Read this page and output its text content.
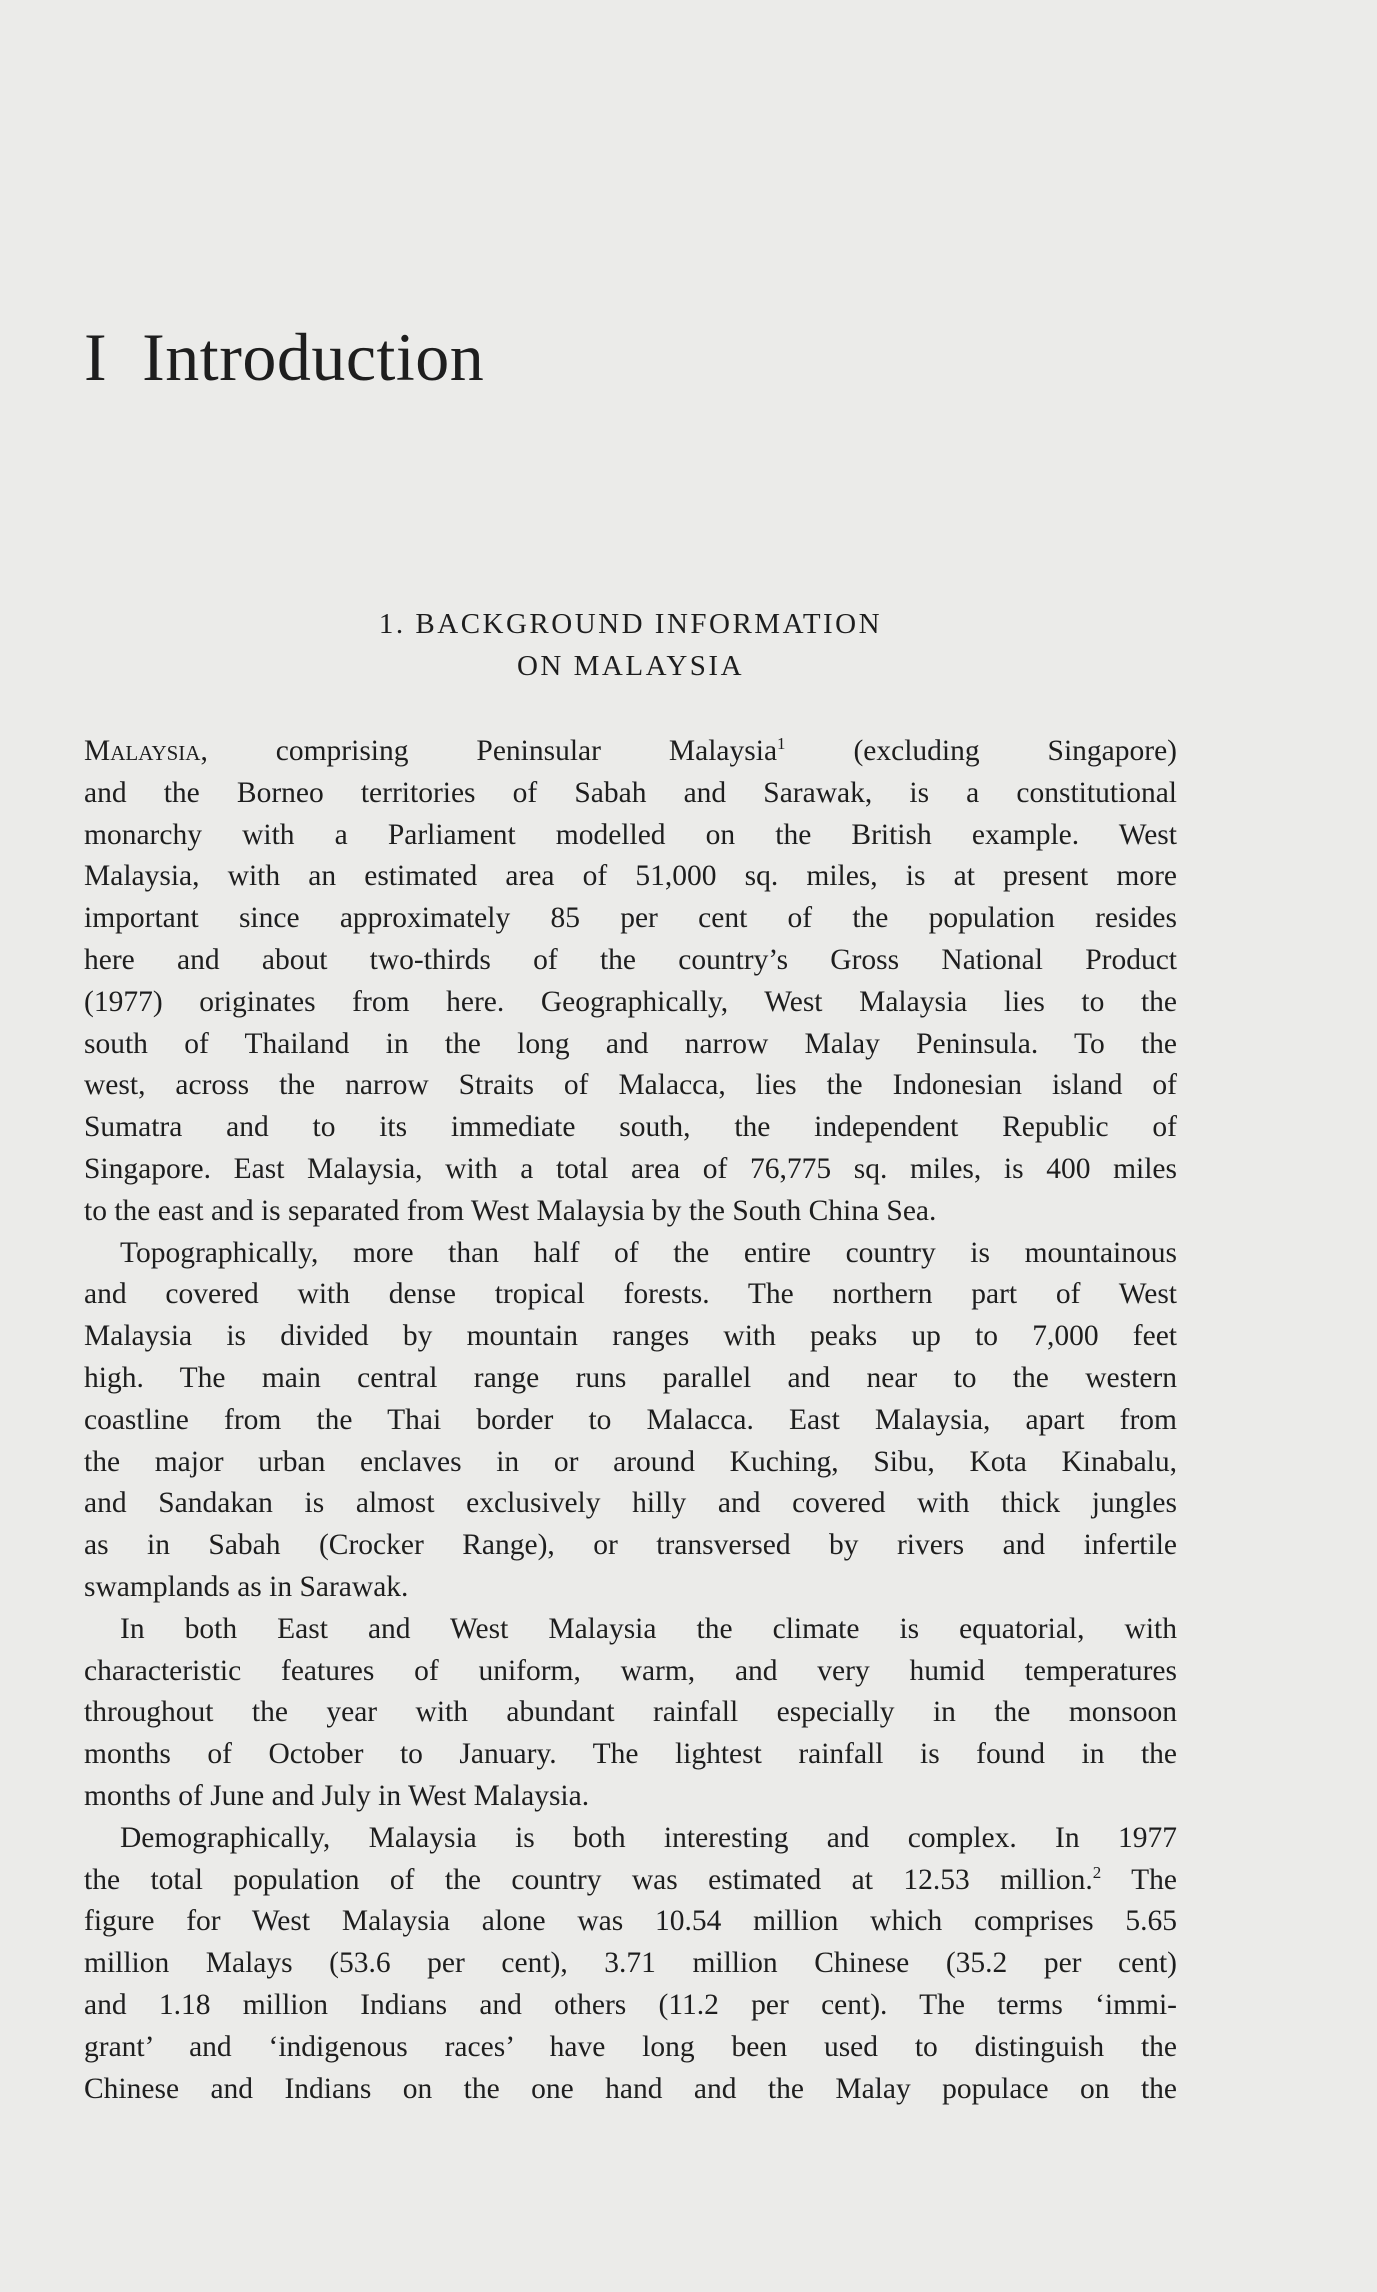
I Introduction
1. BACKGROUND INFORMATION
ON MALAYSIA
Malaysia, comprising Peninsular Malaysia$^1$ (excluding Singapore)
and the Borneo territories of Sabah and Sarawak, is a constitutional
monarchy with a Parliament modelled on the British example. West
Malaysia, with an estimated area of 51,000 sq. miles, is at present more
important since approximately 85 per cent of the population resides
here and about two-thirds of the country’s Gross National Product
(1977) originates from here. Geographically, West Malaysia lies to the
south of Thailand in the long and narrow Malay Peninsula. To the
west, across the narrow Straits of Malacca, lies the Indonesian island of
Sumatra and to its immediate south, the independent Republic of
Singapore. East Malaysia, with a total area of 76,775 sq. miles, is 400 miles
to the east and is separated from West Malaysia by the South China Sea.
Topographically, more than half of the entire country is mountainous
and covered with dense tropical forests. The northern part of West
Malaysia is divided by mountain ranges with peaks up to 7,000 feet
high. The main central range runs parallel and near to the western
coastline from the Thai border to Malacca. East Malaysia, apart from
the major urban enclaves in or around Kuching, Sibu, Kota Kinabalu,
and Sandakan is almost exclusively hilly and covered with thick jungles
as in Sabah (Crocker Range), or transversed by rivers and infertile
swamplands as in Sarawak.
In both East and West Malaysia the climate is equatorial, with
characteristic features of uniform, warm, and very humid temperatures
throughout the year with abundant rainfall especially in the monsoon
months of October to January. The lightest rainfall is found in the
months of June and July in West Malaysia.
Demographically, Malaysia is both interesting and complex. In 1977
the total population of the country was estimated at 12.53 million.$^2$ The
figure for West Malaysia alone was 10.54 million which comprises 5.65
million Malays (53.6 per cent), 3.71 million Chinese (35.2 per cent)
and 1.18 million Indians and others (11.2 per cent). The terms ‘immi-
grant’ and ‘indigenous races’ have long been used to distinguish the
Chinese and Indians on the one hand and the Malay populace on the
